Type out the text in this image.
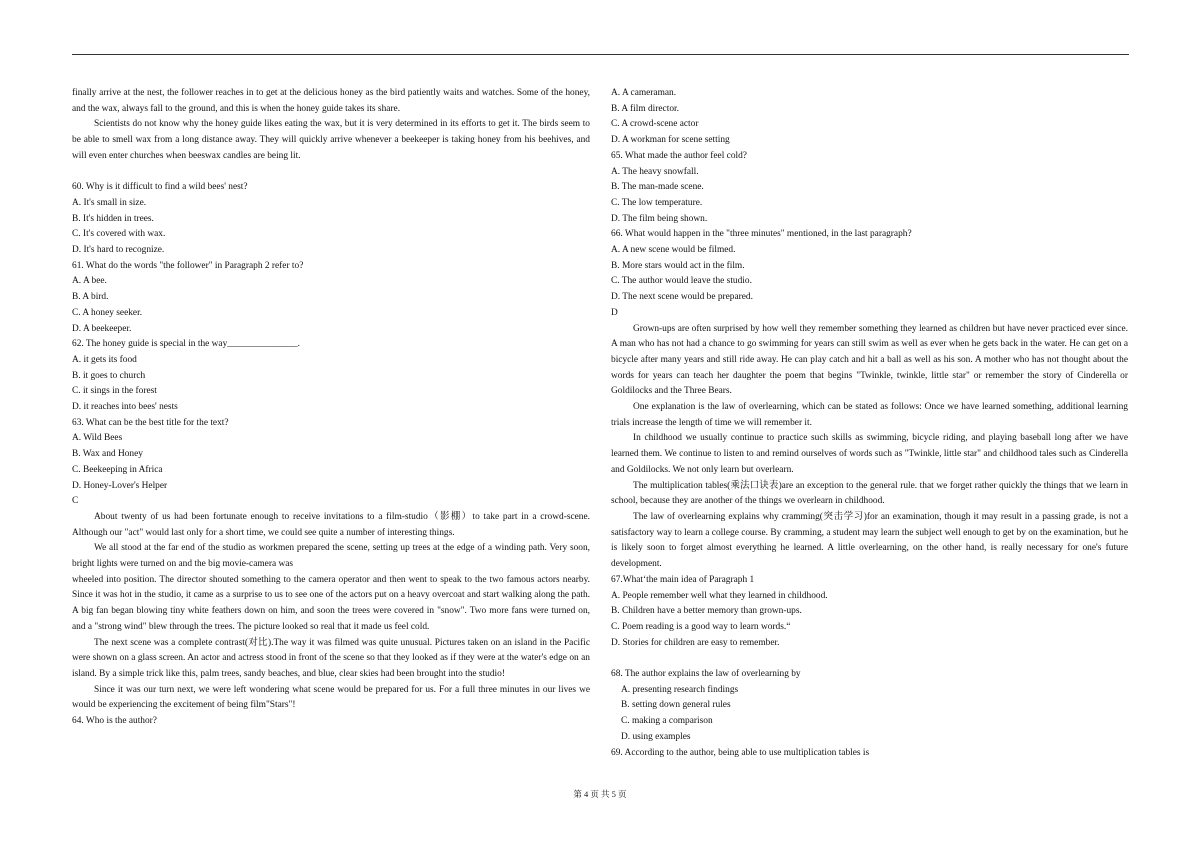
finally arrive at the nest, the follower reaches in to get at the delicious honey as the bird patiently waits and watches. Some of the honey, and the wax, always fall to the ground, and this is when the honey guide takes its share.

Scientists do not know why the honey guide likes eating the wax, but it is very determined in its efforts to get it. The birds seem to be able to smell wax from a long distance away. They will quickly arrive whenever a beekeeper is taking honey from his beehives, and will even enter churches when beeswax candles are being lit.

60. Why is it difficult to find a wild bees' nest?

A. It's small in size.

B. It's hidden in trees.

C. It's covered with wax.

D. It's hard to recognize.

61. What do the words "the follower" in Paragraph 2 refer to?

A. A bee.

B. A bird.

C. A honey seeker.

D. A beekeeper.

62. The honey guide is special in the way_______________.

A. it gets its food

B. it goes to church

C. it sings in the forest

D. it reaches into bees' nests

63. What can be the best title for the text?

A. Wild Bees

B. Wax and Honey

C. Beekeeping in Africa

D. Honey-Lover's Helper

C

About twenty of us had been fortunate enough to receive invitations to a film-studio（影棚）to take part in a crowd-scene. Although our "act" would last only for a short time, we could see quite a number of interesting things.

We all stood at the far end of the studio as workmen prepared the scene, setting up trees at the edge of a winding path. Very soon, bright lights were turned on and the big movie-camera was

wheeled into position. The director shouted something to the camera operator and then went to speak to the two famous actors nearby. Since it was hot in the studio, it came as a surprise to us to see one of the actors put on a heavy overcoat and start walking along the path. A big fan began blowing tiny white feathers down on him, and soon the trees were covered in "snow". Two more fans were turned on, and a "strong wind" blew through the trees. The picture looked so real that it made us feel cold.

The next scene was a complete contrast(对比).The way it was filmed was quite unusual. Pictures taken on an island in the Pacific were shown on a glass screen. An actor and actress stood in front of the scene so that they looked as if they were at the water's edge on an island. By a simple trick like this, palm trees, sandy beaches, and blue, clear skies had been brought into the studio!

Since it was our turn next, we were left wondering what scene would be prepared for us. For a full three minutes in our lives we would be experiencing the excitement of being film"Stars"!

64. Who is the author?

A. A cameraman.

B. A film director.

C. A crowd-scene actor

D. A workman for scene setting

65. What made the author feel cold?

A. The heavy snowfall.

B. The man-made scene.

C. The low temperature.

D. The film being shown.

66. What would happen in the "three minutes" mentioned, in the last paragraph?

A. A new scene would be filmed.

B. More stars would act in the film.

C. The author would leave the studio.

D. The next scene would be prepared.

D

Grown-ups are often surprised by how well they remember something they learned as children but have never practiced ever since. A man who has not had a chance to go swimming for years can still swim as well as ever when he gets back in the water. He can get on a bicycle after many years and still ride away. He can play catch and hit a ball as well as his son. A mother who has not thought about the words for years can teach her daughter the poem that begins "Twinkle, twinkle, little star" or remember the story of Cinderella or Goldilocks and the Three Bears.

One explanation is the law of overlearning, which can be stated as follows: Once we have learned something, additional learning trials increase the length of time we will remember it.

In childhood we usually continue to practice such skills as swimming, bicycle riding, and playing baseball long after we have learned them. We continue to listen to and remind ourselves of words such as "Twinkle, little star" and childhood tales such as Cinderella and Goldilocks. We not only learn but overlearn.

The multiplication tables(乘法口诀表)are an exception to the general rule. that we forget rather quickly the things that we learn in school, because they are another of the things we overlearn in childhood.

The law of overlearning explains why cramming(突击学习)for an examination, though it may result in a passing grade, is not a satisfactory way to learn a college course. By cramming, a student may learn the subject well enough to get by on the examination, but he is likely soon to forget almost everything he learned. A little overlearning, on the other hand, is really necessary for one's future development.

67.What‘the main idea of Paragraph 1

A. People remember well what they learned in childhood.

B. Children have a better memory than grown-ups.

C. Poem reading is a good way to learn words.“

D. Stories for children are easy to remember.

68. The author explains the law of overlearning by

A. presenting research findings

B. setting down general rules

C. making a comparison

D. using examples

69. According to the author, being able to use multiplication tables is

第 4 页 共 5 页
